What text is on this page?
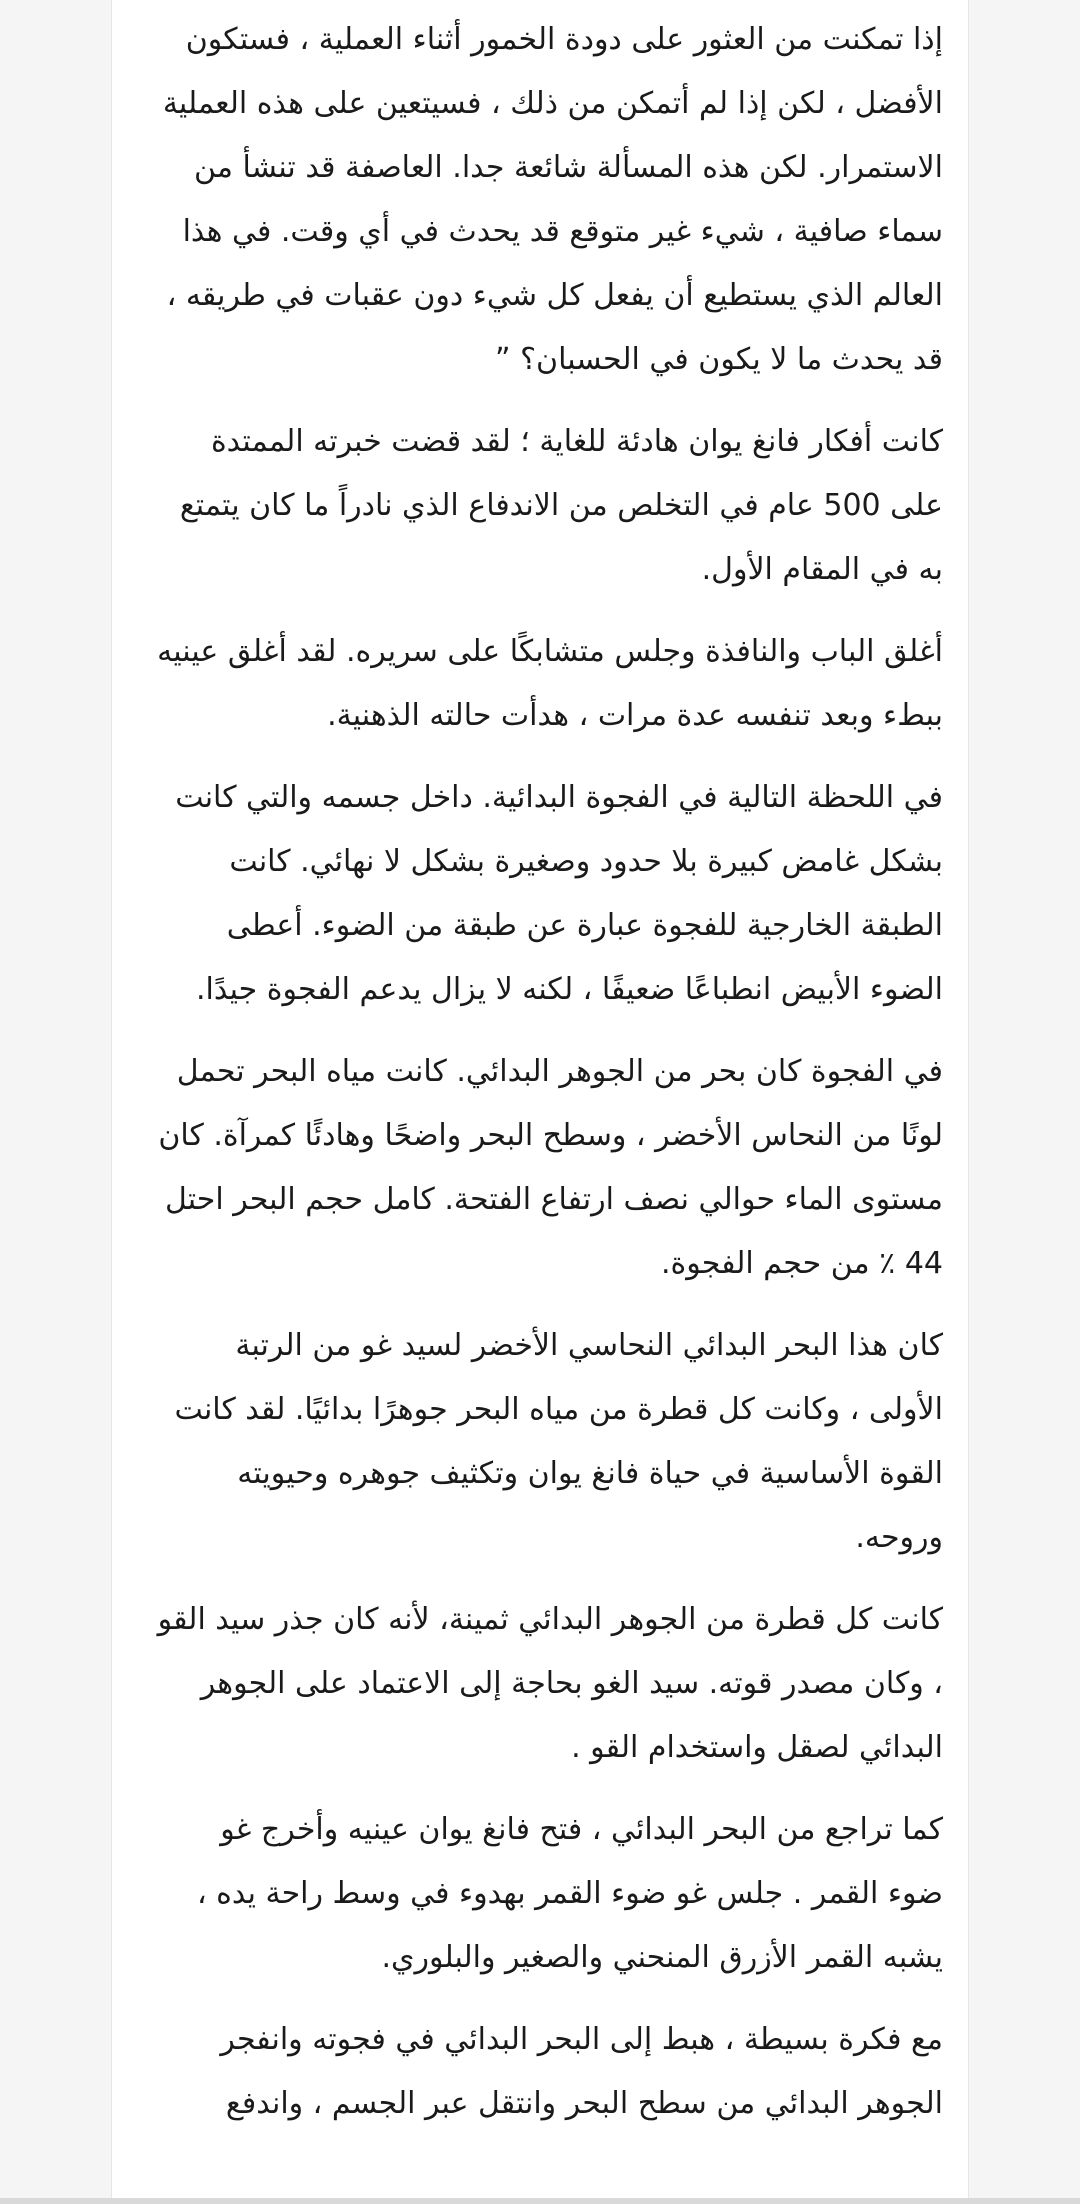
إذا تمكنت من العثور على دودة الخمور أثناء العملية ، فستكون الأفضل ، لكن إذا لم أتمكن من ذلك ، فسيتعين على هذه العملية الاستمرار. لكن هذه المسألة شائعة جدا. العاصفة قد تنشأ من سماء صافية ، شيء غير متوقع قد يحدث في أي وقت. في هذا العالم الذي يستطيع أن يفعل كل شيء دون عقبات في طريقه ، قد يحدث ما لا يكون في الحسبان؟ ”

كانت أفكار فانغ يوان هادئة للغاية ؛ لقد قضت خبرته الممتدة على 500 عام في التخلص من الاندفاع الذي نادراً ما كان يتمتع به في المقام الأول.

أغلق الباب والنافذة وجلس متشابكًا على سريره. لقد أغلق عينيه ببطء وبعد تنفسه عدة مرات ، هدأت حالته الذهنية.

في اللحظة التالية في الفجوة البدائية. داخل جسمه والتي كانت بشكل غامض كبيرة بلا حدود وصغيرة بشكل لا نهائي. كانت الطبقة الخارجية للفجوة عبارة عن طبقة من الضوء. أعطى الضوء الأبيض انطباعًا ضعيفًا ، لكنه لا يزال يدعم الفجوة جيدًا.

في الفجوة كان بحر من الجوهر البدائي. كانت مياه البحر تحمل لونًا من النحاس الأخضر ، وسطح البحر واضحًا وهادئًا كمرآة. كان مستوى الماء حوالي نصف ارتفاع الفتحة. كامل حجم البحر احتل 44 ٪ من حجم الفجوة.

كان هذا البحر البدائي النحاسي الأخضر لسيد غو من الرتبة الأولى ، وكانت كل قطرة من مياه البحر جوهرًا بدائيًا. لقد كانت القوة الأساسية في حياة فانغ يوان وتكثيف جوهره وحيويته وروحه.

كانت كل قطرة من الجوهر البدائي ثمينة، لأنه كان جذر سيد القو ، وكان مصدر قوته. سيد الغو بحاجة إلى الاعتماد على الجوهر البدائي لصقل واستخدام القو .

كما تراجع من البحر البدائي ، فتح فانغ يوان عينيه وأخرج غو ضوء القمر . جلس غو ضوء القمر بهدوء في وسط راحة يده ، يشبه القمر الأزرق المنحني والصغير والبلوري.

مع فكرة بسيطة ، هبط إلى البحر البدائي في فجوته وانفجر الجوهر البدائي من سطح البحر وانتقل عبر الجسم ، واندفع
